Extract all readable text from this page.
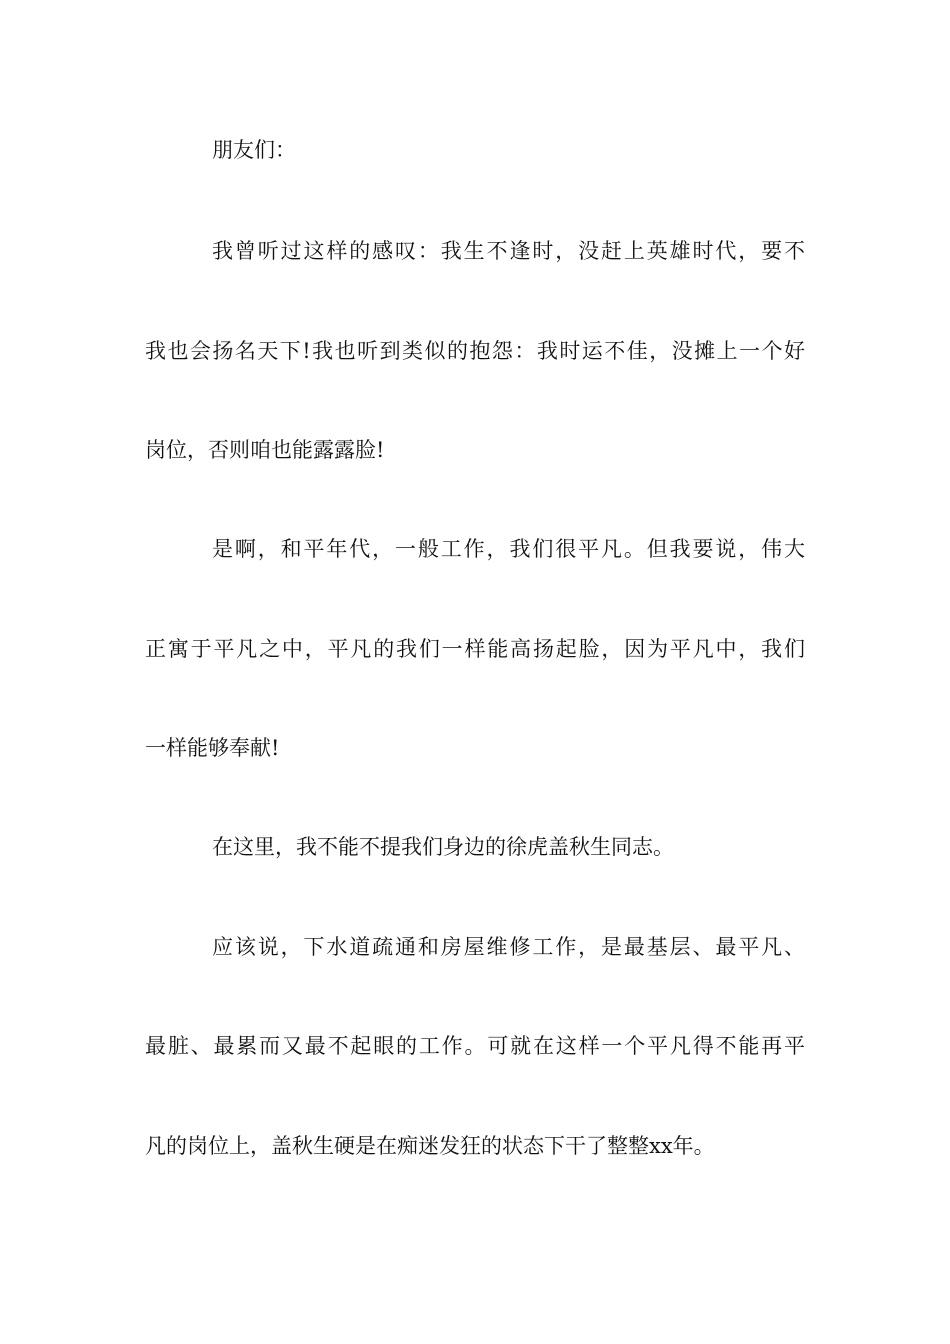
朋友们：
我曾听过这样的感叹：我生不逢时，没赶上英雄时代，要不
我也会扬名天下!我也听到类似的抱怨：我时运不佳，没摊上一个好
岗位，否则咱也能露露脸!
是啊，和平年代，一般工作，我们很平凡。但我要说，伟大
正寓于平凡之中，平凡的我们一样能高扬起脸，因为平凡中，我们
一样能够奉献!
在这里，我不能不提我们身边的徐虎盖秋生同志。
应该说，下水道疏通和房屋维修工作，是最基层、最平凡、
最脏、最累而又最不起眼的工作。可就在这样一个平凡得不能再平
凡的岗位上，盖秋生硬是在痴迷发狂的状态下干了整整xx年。
